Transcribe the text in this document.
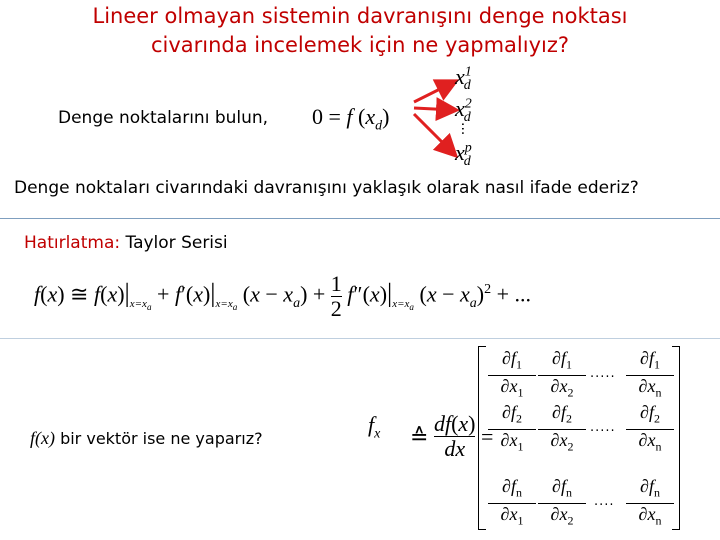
Lineer olmayan sistemin davranışını denge noktası
civarında incelemek için ne yapmalıyız?
Denge noktalarını bulun, 0 = f $(x_d)$
$x^1_d$
$x^2_d$
$x^p_d$
...
Denge noktaları civarındaki davranışını yaklaşık olarak nasıl ifade ederiz?
Hatırlatma: Taylor Serisi
f(x) ≅ $f(x)|_{x=x_a} + f'(x)|_{x=x_a}$ $(x - x_a) + \frac{1}{2} f''(x)|_{x=x_a}$ $(x - x_a)^2$ + ...
f(x) bir vektör ise ne yaparız?
$f_x$ ≙ $\frac{df(x)}{dx}$ =
$\frac{\partial f_1}{\partial x_1} \frac{\partial f_1}{\partial x_2}$ ..... $\frac{\partial f_1}{\partial x_n}$
$\frac{\partial f_2}{\partial x_1} \frac{\partial f_2}{\partial x_2}$ ..... $\frac{\partial f_2}{\partial x_n}$
$\frac{\partial f_n}{\partial x_1} \frac{\partial f_n}{\partial x_2}$ .... $\frac{\partial f_n}{\partial x_n}$
